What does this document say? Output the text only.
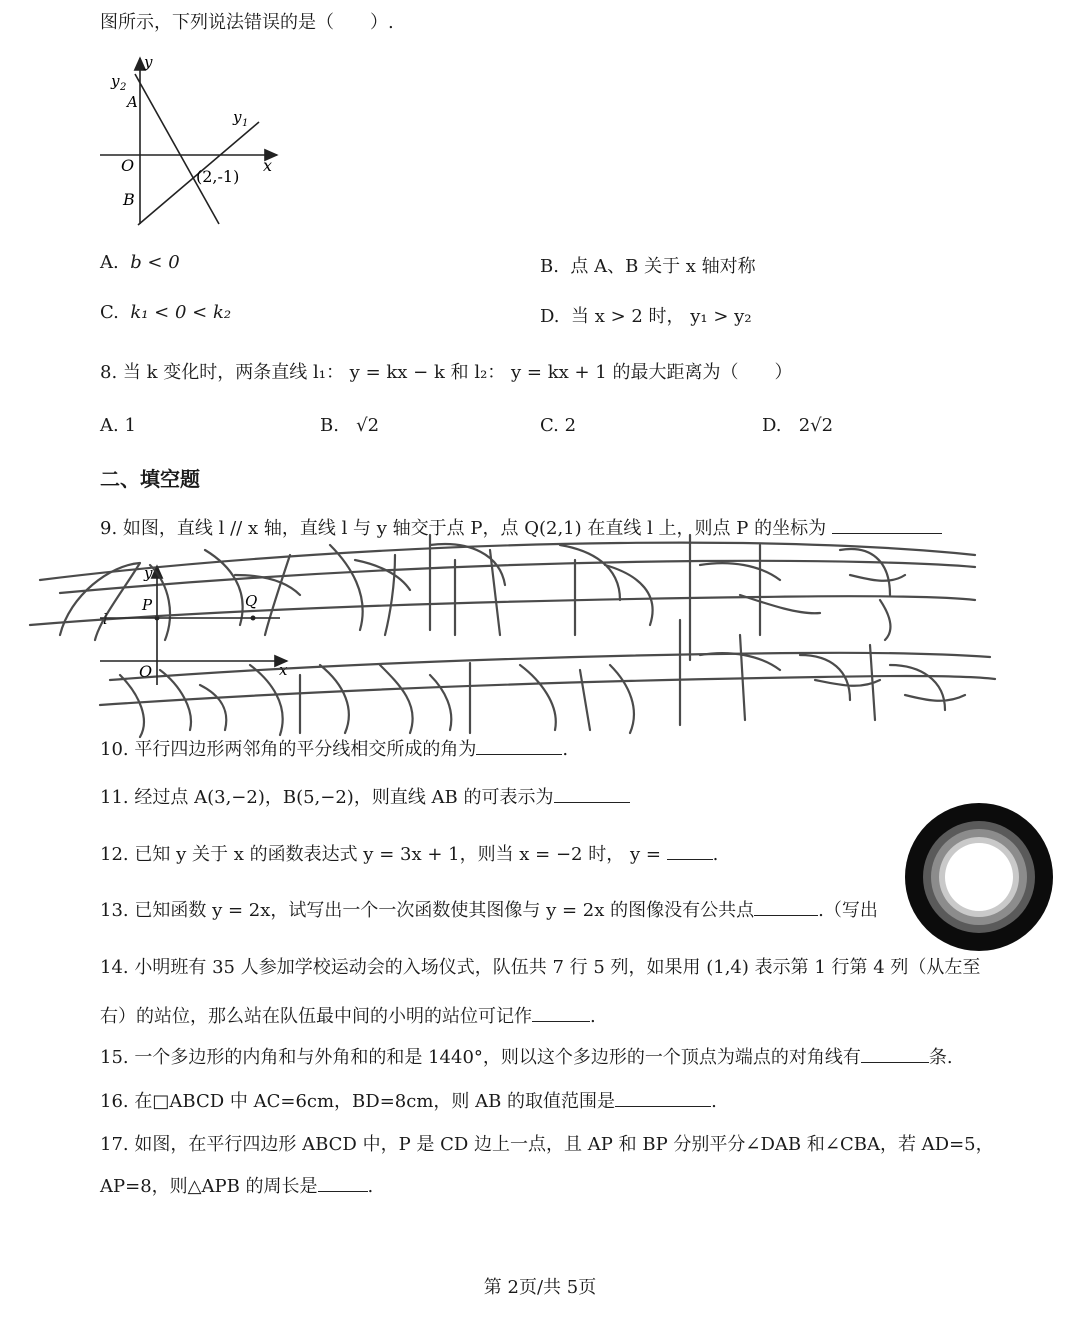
图所示，下列说法错误的是（　　）.
y
y 2
A
y 1
O	x
(2,-1)
B
A. b < 0	B. 点 A、B 关于 x 轴对称
C. k₁ < 0 < k₂	D. 当 x > 2 时， y₁ > y₂
8. 当 k 变化时，两条直线 l₁： y = kx − k 和 l₂： y = kx + 1 的最大距离为（　　）
A. 1	B. √2	C. 2	D. 2√2
二、填空题
9. 如图，直线 l // x 轴，直线 l 与 y 轴交于点 P，点 Q(2,1) 在直线 l 上，则点 P 的坐标为
y
P	Q
l
O	x
10. 平行四边形两邻角的平分线相交所成的角为	.
11. 经过点 A(3,−2)，B(5,−2)，则直线 AB 的可表示为
12. 已知 y 关于 x 的函数表达式 y = 3x + 1，则当 x = −2 时， y =	.
13. 已知函数 y = 2x，试写出一个一次函数使其图像与 y = 2x 的图像没有公共点	.（写出
14. 小明班有 35 人参加学校运动会的入场仪式，队伍共 7 行 5 列，如果用 (1,4) 表示第 1 行第 4 列（从左至
右）的站位，那么站在队伍最中间的小明的站位可记作	.
15. 一个多边形的内角和与外角和的和是 1440°，则以这个多边形的一个顶点为端点的对角线有	条.
16. 在□ABCD 中 AC=6cm，BD=8cm，则 AB 的取值范围是	.
17. 如图，在平行四边形 ABCD 中，P 是 CD 边上一点，且 AP 和 BP 分别平分∠DAB 和∠CBA，若 AD=5，
AP=8，则△APB 的周长是	.
第 2页/共 5页
